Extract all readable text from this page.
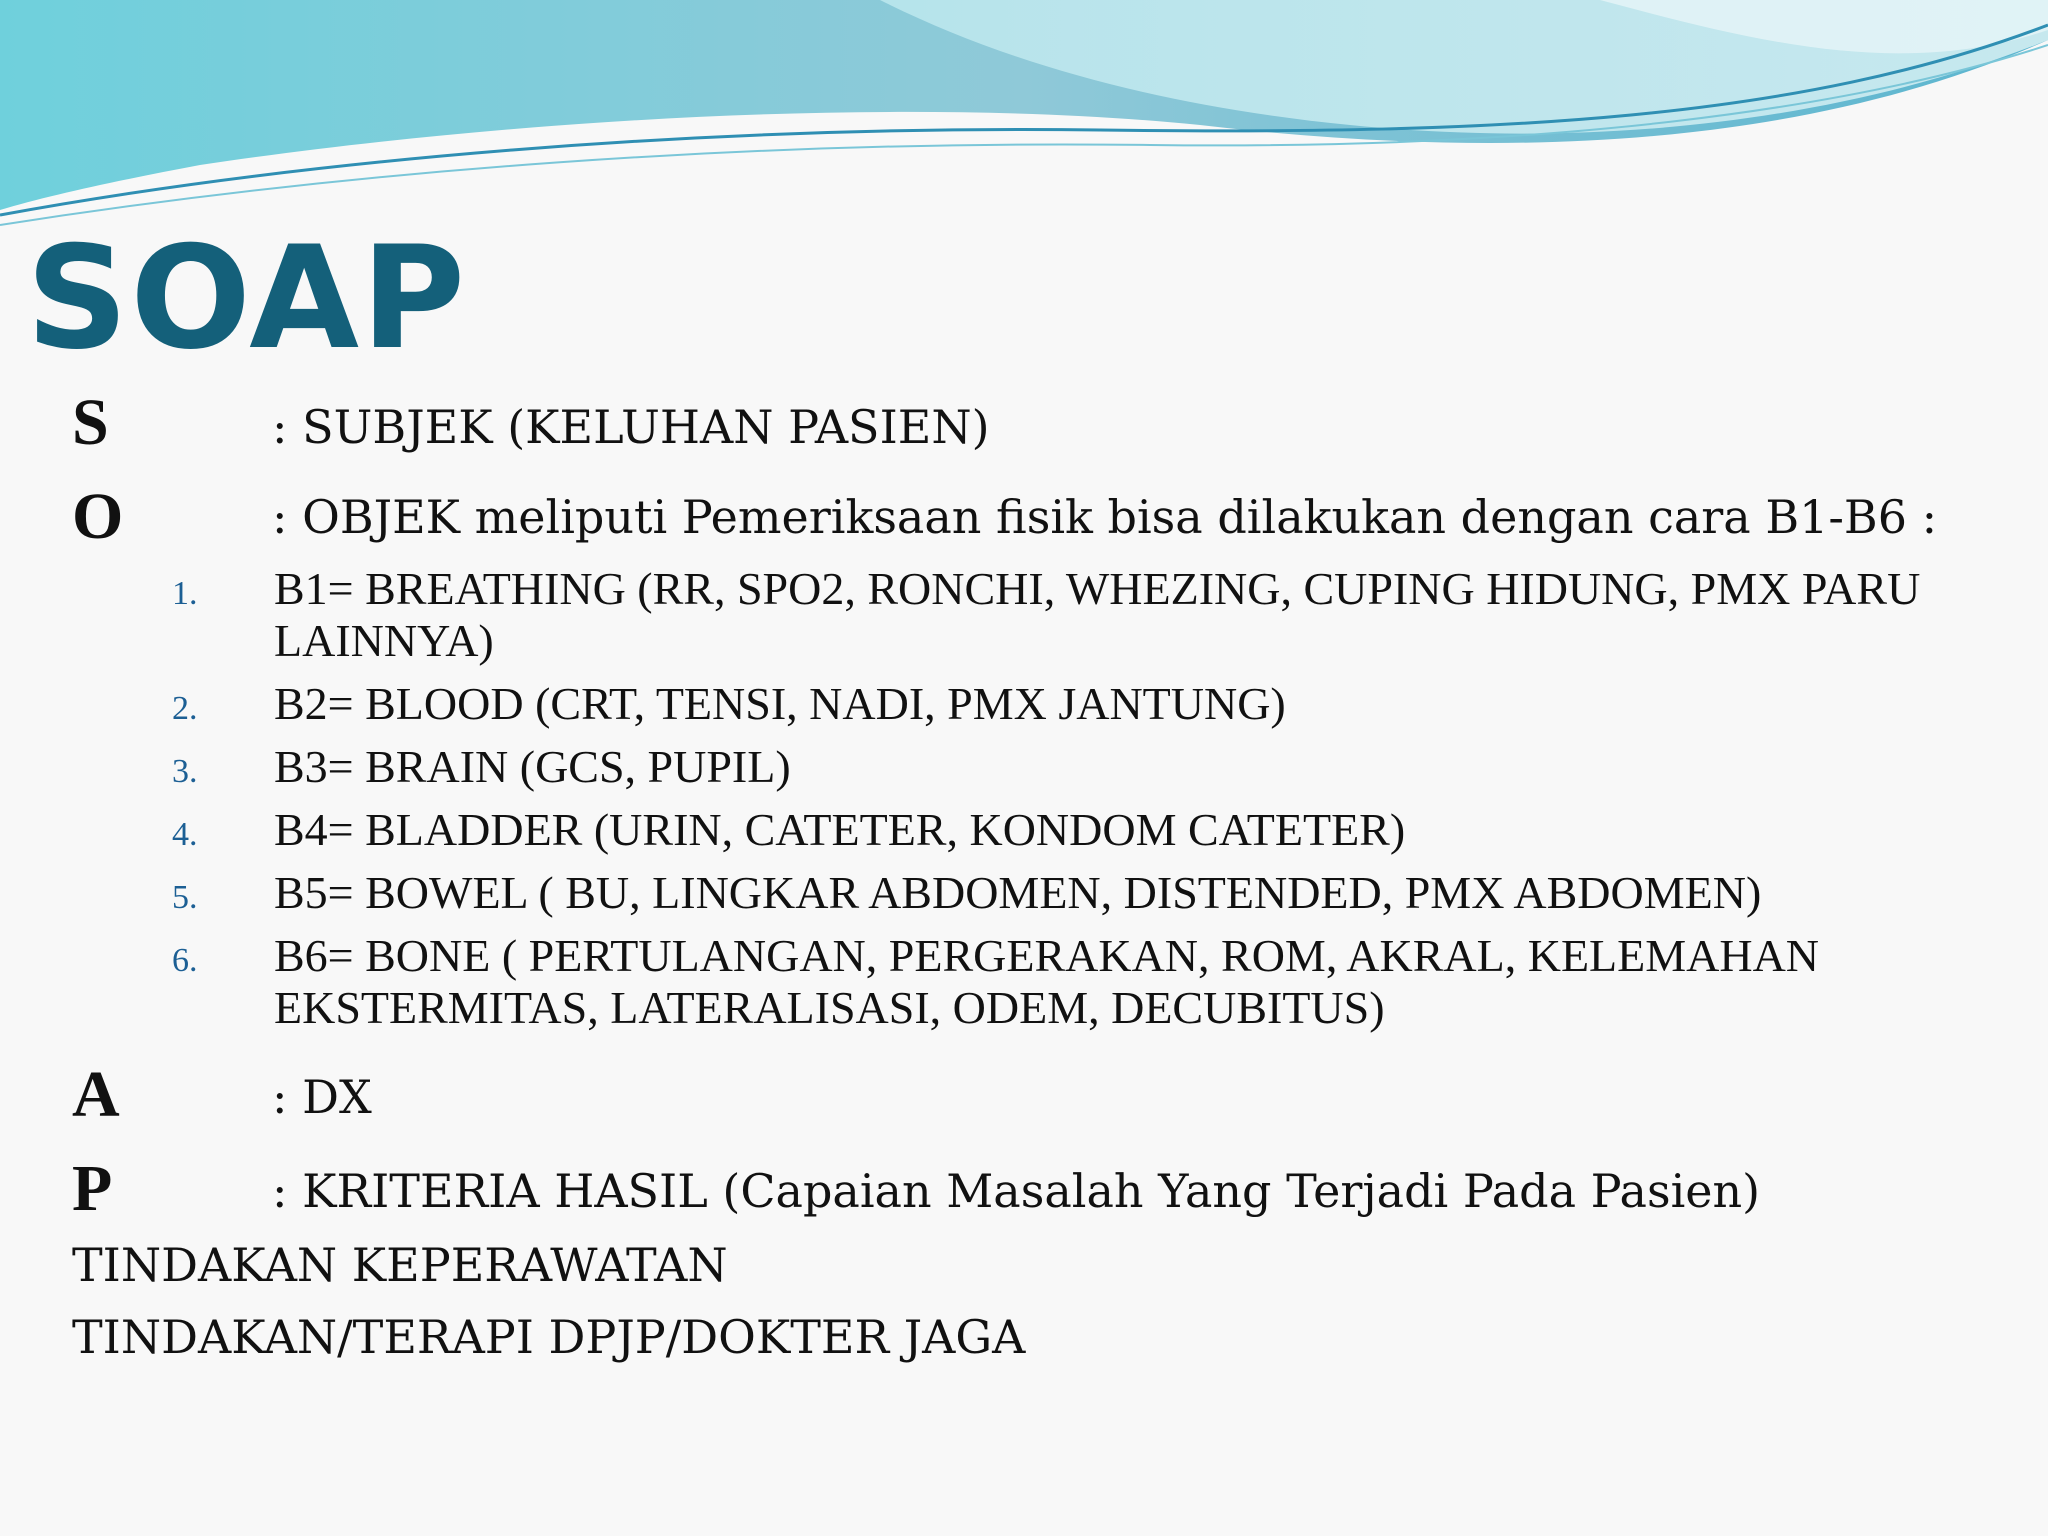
SOAP
S	: SUBJEK (KELUHAN PASIEN)
O	: OBJEK meliputi Pemeriksaan fisik bisa dilakukan dengan cara B1-B6 :
1.	B1= BREATHING (RR, SPO2, RONCHI, WHEZING, CUPING HIDUNG, PMX PARU LAINNYA)
2.	B2= BLOOD (CRT, TENSI, NADI, PMX JANTUNG)
3.	B3= BRAIN (GCS, PUPIL)
4.	B4= BLADDER (URIN, CATETER, KONDOM CATETER)
5.	B5= BOWEL ( BU, LINGKAR ABDOMEN, DISTENDED, PMX ABDOMEN)
6.	B6= BONE ( PERTULANGAN, PERGERAKAN, ROM, AKRAL, KELEMAHAN EKSTERMITAS, LATERALISASI, ODEM, DECUBITUS)
A	: DX
P	: KRITERIA HASIL (Capaian Masalah Yang Terjadi Pada Pasien)
TINDAKAN KEPERAWATAN
TINDAKAN/TERAPI DPJP/DOKTER JAGA
